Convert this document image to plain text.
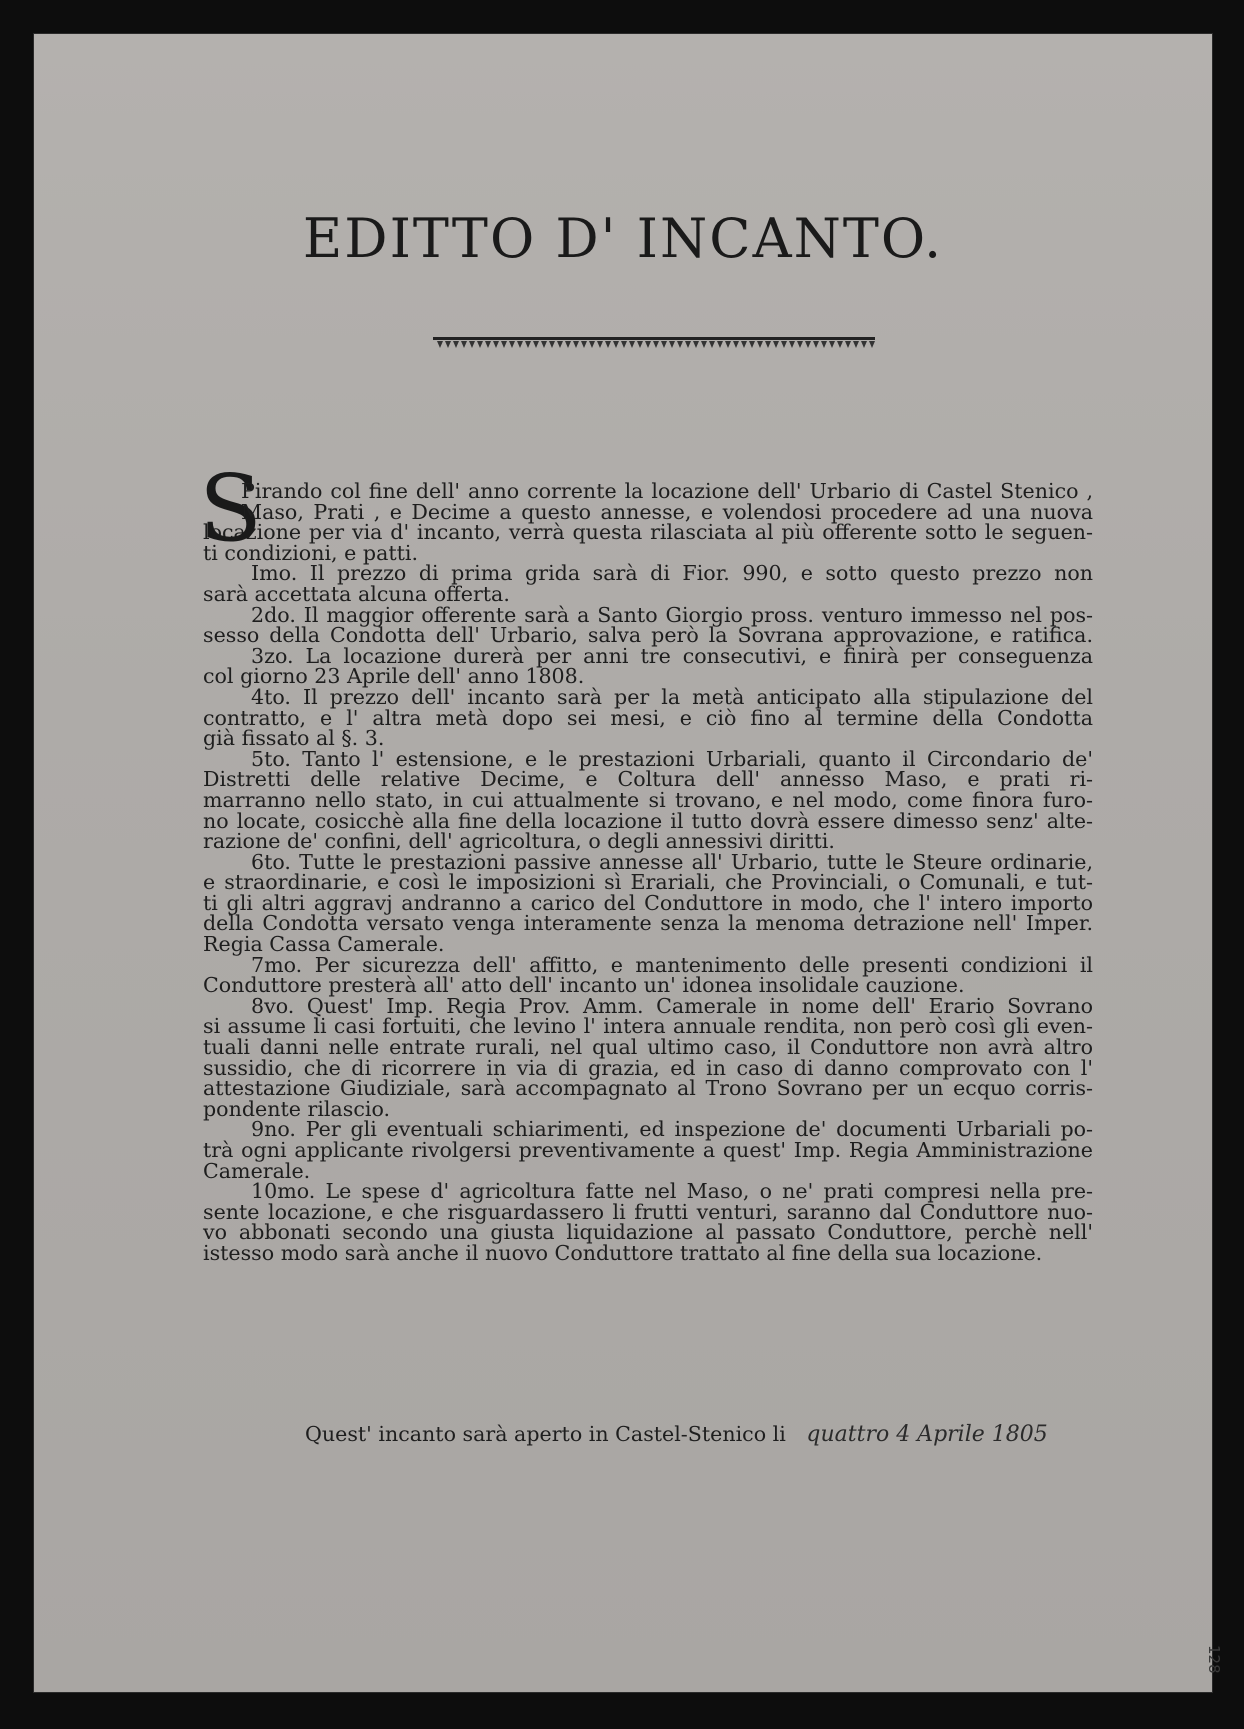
EDITTO D' INCANTO.
S
Pirando col fine dell' anno corrente la locazione dell' Urbario di Castel Stenico ,
Maso, Prati , e Decime a questo annesse, e volendosi procedere ad una nuova
locazione per via d' incanto, verrà questa rilasciata al più offerente sotto le seguen-
ti condizioni, e patti.
Imo. Il prezzo di prima grida sarà di Fior. 990, e sotto questo prezzo non
sarà accettata alcuna offerta.
2do. Il maggior offerente sarà a Santo Giorgio pross. venturo immesso nel pos-
sesso della Condotta dell' Urbario, salva però la Sovrana approvazione, e ratifica.
3zo. La locazione durerà per anni tre consecutivi, e finirà per conseguenza
col giorno 23 Aprile dell' anno 1808.
4to. Il prezzo dell' incanto sarà per la metà anticipato alla stipulazione del
contratto, e l' altra metà dopo sei mesi, e ciò fino al termine della Condotta
già fissato al §. 3.
5to. Tanto l' estensione, e le prestazioni Urbariali, quanto il Circondario de'
Distretti delle relative Decime, e Coltura dell' annesso Maso, e prati ri-
marranno nello stato, in cui attualmente si trovano, e nel modo, come finora furo-
no locate, cosicchè alla fine della locazione il tutto dovrà essere dimesso senz' alte-
razione de' confini, dell' agricoltura, o degli annessivi diritti.
6to. Tutte le prestazioni passive annesse all' Urbario, tutte le Steure ordinarie,
e straordinarie, e così le imposizioni sì Erariali, che Provinciali, o Comunali, e tut-
ti gli altri aggravj andranno a carico del Conduttore in modo, che l' intero importo
della Condotta versato venga interamente senza la menoma detrazione nell' Imper.
Regia Cassa Camerale.
7mo. Per sicurezza dell' affitto, e mantenimento delle presenti condizioni il
Conduttore presterà all' atto dell' incanto un' idonea insolidale cauzione.
8vo. Quest' Imp. Regia Prov. Amm. Camerale in nome dell' Erario Sovrano
si assume li casi fortuiti, che levino l' intera annuale rendita, non però così gli even-
tuali danni nelle entrate rurali, nel qual ultimo caso, il Conduttore non avrà altro
sussidio, che di ricorrere in via di grazia, ed in caso di danno comprovato con l'
attestazione Giudiziale, sarà accompagnato al Trono Sovrano per un ecquo corris-
pondente rilascio.
9no. Per gli eventuali schiarimenti, ed inspezione de' documenti Urbariali po-
trà ogni applicante rivolgersi preventivamente a quest' Imp. Regia Amministrazione
Camerale.
10mo. Le spese d' agricoltura fatte nel Maso, o ne' prati compresi nella pre-
sente locazione, e che risguardassero li frutti venturi, saranno dal Conduttore nuo-
vo abbonati secondo una giusta liquidazione al passato Conduttore, perchè nell'
istesso modo sarà anche il nuovo Conduttore trattato al fine della sua locazione.
Quest' incanto sarà aperto in Castel-Stenico li quattro 4 Aprile 1805
128
